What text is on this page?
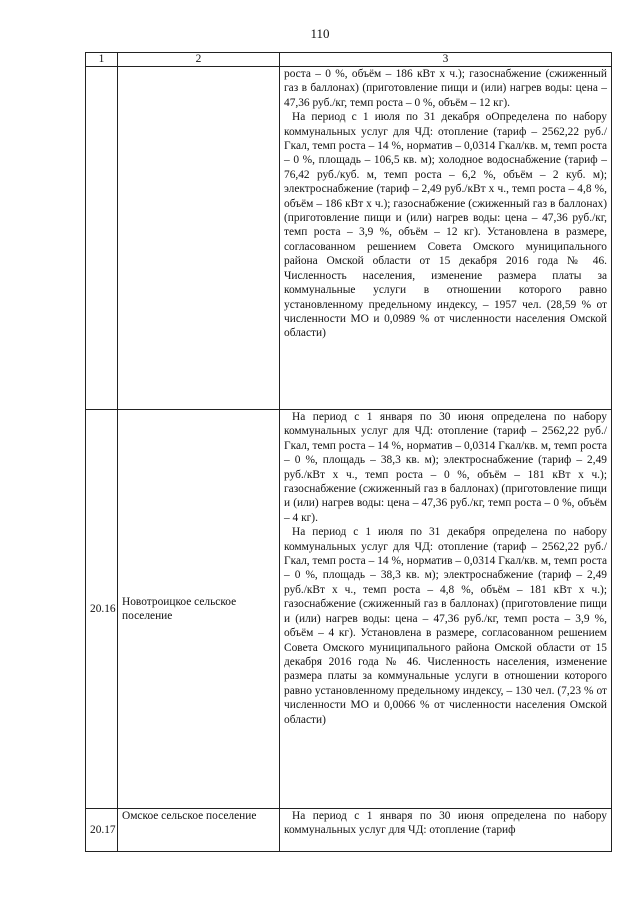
110
1	2	3

		роста – 0 %, объём – 186 кВт х ч.); газоснабжение (сжиженный газ в баллонах) (приготовление пищи и (или) нагрев воды: цена – 47,36 руб./кг, темп роста – 0 %, объём – 12 кг).

На период с 1 июля по 31 декабря оОпределена по набору коммунальных услуг для ЧД: отопление (тариф – 2562,22 руб./Гкал, темп роста – 14 %, норматив – 0,0314 Гкал/кв. м, темп роста – 0 %, площадь – 106,5 кв. м); холодное водоснабжение (тариф – 76,42 руб./куб. м, темп роста – 6,2 %, объём – 2 куб. м); электроснабжение (тариф – 2,49 руб./кВт х ч., темп роста – 4,8 %, объём – 186 кВт х ч.); газоснабжение (сжиженный газ в баллонах) (приготовление пищи и (или) нагрев воды: цена – 47,36 руб./кг, темп роста – 3,9 %, объём – 12 кг). Установлена в размере, согласованном решением Совета Омского муниципального района Омской области от 15 декабря 2016 года № 46. Численность населения, изменение размера платы за коммунальные услуги в отношении которого равно установленному предельному индексу, – 1957 чел. (28,59 % от численности МО и 0,0989 % от численности населения Омской области)

20.16	Новотроицкое сельское поселение	На период с 1 января по 30 июня определена по набору коммунальных услуг для ЧД: отопление (тариф – 2562,22 руб./Гкал, темп роста – 14 %, норматив – 0,0314 Гкал/кв. м, темп роста – 0 %, площадь – 38,3 кв. м); электроснабжение (тариф – 2,49 руб./кВт х ч., темп роста – 0 %, объём – 181 кВт х ч.); газоснабжение (сжиженный газ в баллонах) (приготовление пищи и (или) нагрев воды: цена – 47,36 руб./кг, темп роста – 0 %, объём – 4 кг).

На период с 1 июля по 31 декабря определена по набору коммунальных услуг для ЧД: отопление (тариф – 2562,22 руб./Гкал, темп роста – 14 %, норматив – 0,0314 Гкал/кв. м, темп роста – 0 %, площадь – 38,3 кв. м); электроснабжение (тариф – 2,49 руб./кВт х ч., темп роста – 4,8 %, объём – 181 кВт х ч.); газоснабжение (сжиженный газ в баллонах) (приготовление пищи и (или) нагрев воды: цена – 47,36 руб./кг, темп роста – 3,9 %, объём – 4 кг). Установлена в размере, согласованном решением Совета Омского муниципального района Омской области от 15 декабря 2016 года № 46. Численность населения, изменение размера платы за коммунальные услуги в отношении которого равно установленному предельному индексу, – 130 чел. (7,23 % от численности МО и 0,0066 % от численности населения Омской области)

20.17	Омское сельское поселение	На период с 1 января по 30 июня определена по набору коммунальных услуг для ЧД: отопление (тариф
